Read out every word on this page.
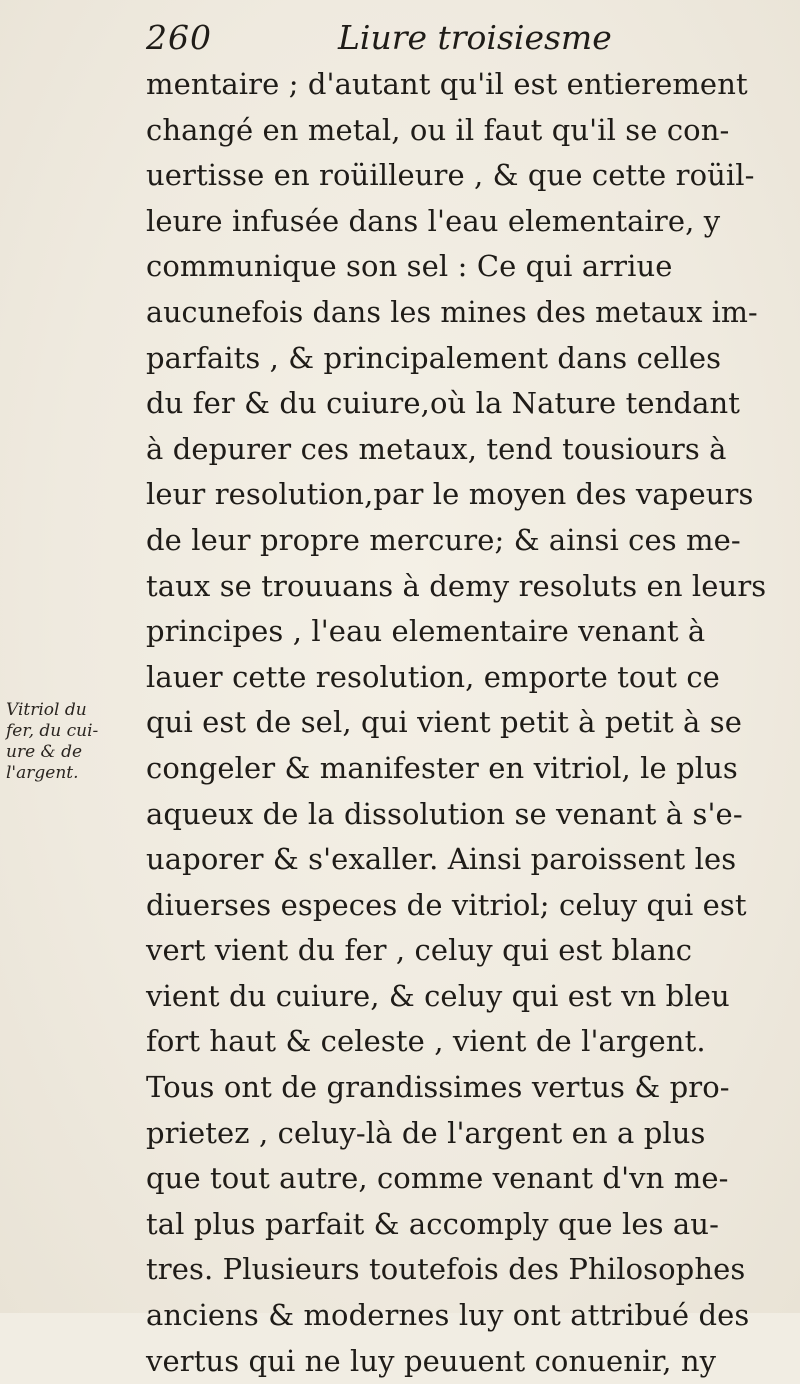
260	Liure troisiesme
Vitriol du
fer, du cui-
ure & de
l'argent.
mentaire ; d'autant qu'il est entierement
changé en metal, ou il faut qu'il se con-
uertisse en roüilleure , & que cette roüil-
leure infusée dans l'eau elementaire, y
communique son sel : Ce qui arriue
aucunefois dans les mines des metaux im-
parfaits , & principalement dans celles
du fer & du cuiure,où la Nature tendant
à depurer ces metaux, tend tousiours à
leur resolution,par le moyen des vapeurs
de leur propre mercure; & ainsi ces me-
taux se trouuans à demy resoluts en leurs
principes , l'eau elementaire venant à
lauer cette resolution, emporte tout ce
qui est de sel, qui vient petit à petit à se
congeler & manifester en vitriol, le plus
aqueux de la dissolution se venant à s'e-
uaporer & s'exaller. Ainsi paroissent les
diuerses especes de vitriol; celuy qui est
vert vient du fer , celuy qui est blanc
vient du cuiure, & celuy qui est vn bleu
fort haut & celeste , vient de l'argent.
Tous ont de grandissimes vertus & pro-
prietez , celuy-là de l'argent en a plus
que tout autre, comme venant d'vn me-
tal plus parfait & accomply que les au-
tres. Plusieurs toutefois des Philosophes
anciens & modernes luy ont attribué des
vertus qui ne luy peuuent conuenir, ny
